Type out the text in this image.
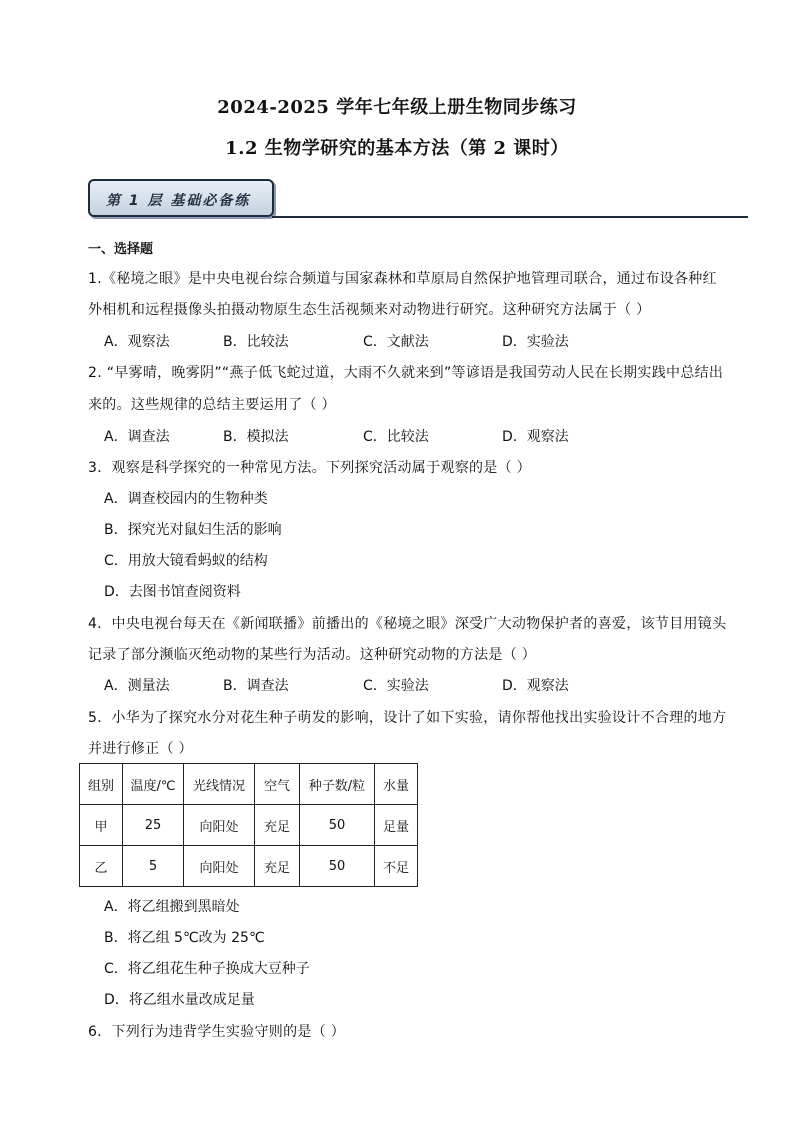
2024-2025 学年七年级上册生物同步练习
1.2 生物学研究的基本方法（第 2 课时）
第 1 层 基础必备练
一、选择题
1.《秘境之眼》是中央电视台综合频道与国家森林和草原局自然保护地管理司联合，通过布设各种红
外相机和远程摄像头拍摄动物原生态生活视频来对动物进行研究。这种研究方法属于（ ）
A．观察法	B．比较法	C．文献法	D．实验法
2. “早雾晴，晚雾阴”“燕子低飞蛇过道，大雨不久就来到”等谚语是我国劳动人民在长期实践中总结出
来的。这些规律的总结主要运用了（ ）
A．调查法	B．模拟法	C．比较法	D．观察法
3．观察是科学探究的一种常见方法。下列探究活动属于观察的是（ ）
A．调查校园内的生物种类
B．探究光对鼠妇生活的影响
C．用放大镜看蚂蚁的结构
D．去图书馆查阅资料
4．中央电视台每天在《新闻联播》前播出的《秘境之眼》深受广大动物保护者的喜爱，该节目用镜头
记录了部分濒临灭绝动物的某些行为活动。这种研究动物的方法是（ ）
A．测量法	B．调查法	C．实验法	D．观察法
5．小华为了探究水分对花生种子萌发的影响，设计了如下实验，请你帮他找出实验设计不合理的地方
并进行修正（ ）
组别	温度/℃	光线情况	空气	种子数/粒	水量
甲	25	向阳处	充足	50	足量
乙	5	向阳处	充足	50	不足
A．将乙组搬到黑暗处
B．将乙组 5℃改为 25℃
C．将乙组花生种子换成大豆种子
D．将乙组水量改成足量
6．下列行为违背学生实验守则的是（ ）
